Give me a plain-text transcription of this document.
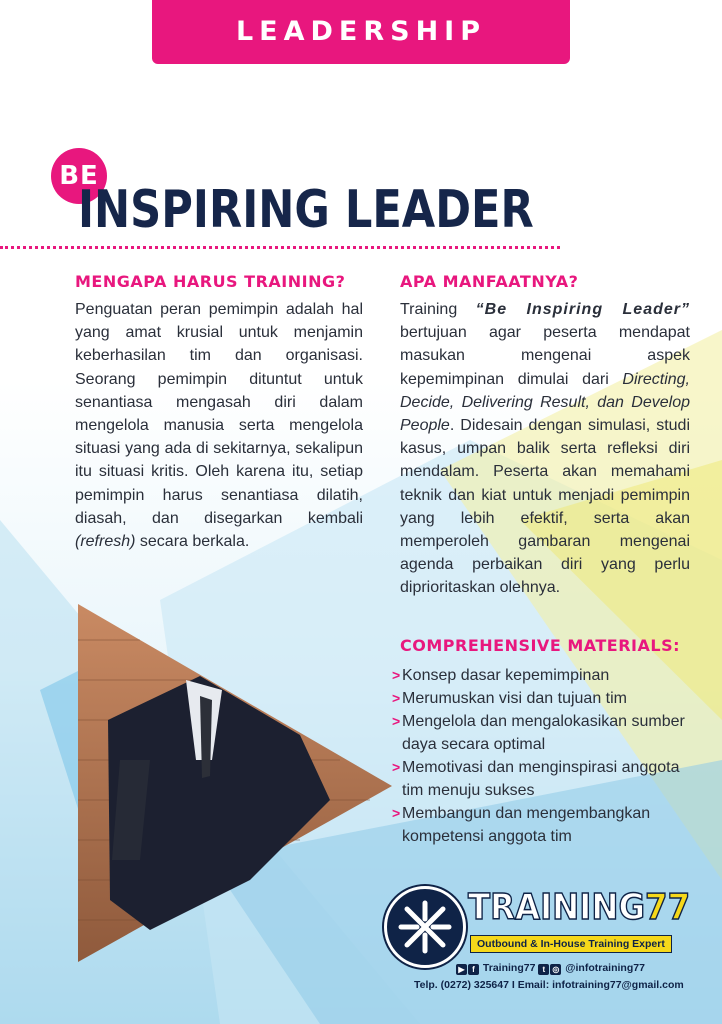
LEADERSHIP TRAINING
BE
INSPIRING LEADER
MENGAPA HARUS TRAINING?

Penguatan peran pemimpin adalah hal yang amat krusial untuk menjamin keberhasilan tim dan organisasi. Seorang pemimpin dituntut untuk senantiasa mengasah diri dalam mengelola manusia serta mengelola situasi yang ada di sekitarnya, sekalipun itu situasi kritis. Oleh karena itu, setiap pemimpin harus senantiasa dilatih, diasah, dan disegarkan kembali (refresh) secara berkala.

APA MANFAATNYA?

Training “Be Inspiring Leader” bertujuan agar peserta mendapat masukan mengenai aspek kepemimpinan dimulai dari Directing, Decide, Delivering Result, dan Develop People. Didesain dengan simulasi, studi kasus, umpan balik serta refleksi diri mendalam. Peserta akan memahami teknik dan kiat untuk menjadi pemimpin yang lebih efektif, serta akan memperoleh gambaran mengenai agenda perbaikan diri yang perlu diprioritaskan olehnya.

COMPREHENSIVE MATERIALS:
> Konsep dasar kepemimpinan
> Merumuskan visi dan tujuan tim
> Mengelola dan mengalokasikan sumber daya secara optimal
> Memotivasi dan menginspirasi anggota tim menuju sukses
> Membangun dan mengembangkan kompetensi anggota tim

TRAINING77

Outbound & In-House Training Expert
▶ f Training77 t ◎ @infotraining77
Telp. (0272) 325647 I Email: infotraining77@gmail.com
